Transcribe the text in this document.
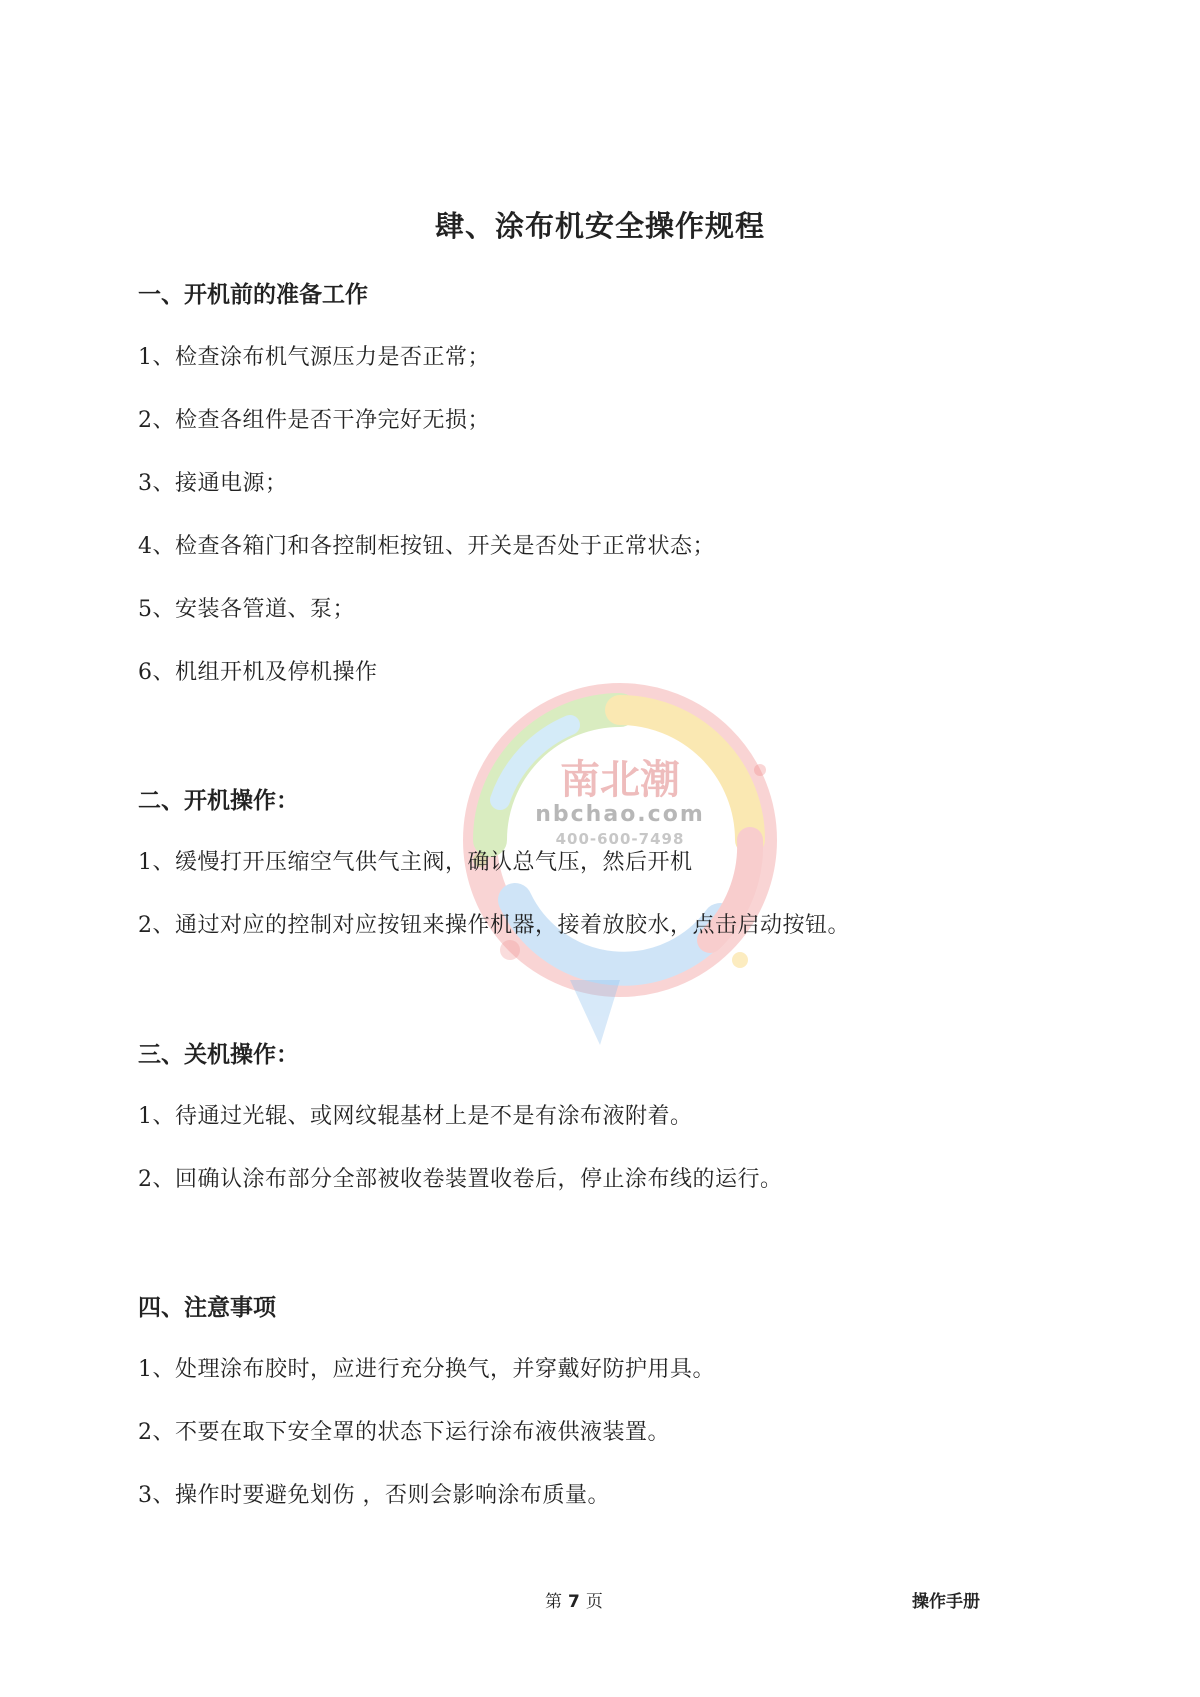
南北潮
nbchao.com
400-600-7498
肆、涂布机安全操作规程
一、开机前的准备工作
1、检查涂布机气源压力是否正常；
2、检查各组件是否干净完好无损；
3、接通电源；
4、检查各箱门和各控制柜按钮、开关是否处于正常状态；
5、安装各管道、泵；
6、机组开机及停机操作
二、开机操作：
1、缓慢打开压缩空气供气主阀，确认总气压，然后开机
2、通过对应的控制对应按钮来操作机器，接着放胶水，点击启动按钮。
三、关机操作：
1、待通过光辊、或网纹辊基材上是不是有涂布液附着。
2、回确认涂布部分全部被收卷装置收卷后，停止涂布线的运行。
四、注意事项
1、处理涂布胶时，应进行充分换气，并穿戴好防护用具。
2、不要在取下安全罩的状态下运行涂布液供液装置。
3、操作时要避免划伤 ，否则会影响涂布质量。
第 7 页	操作手册
